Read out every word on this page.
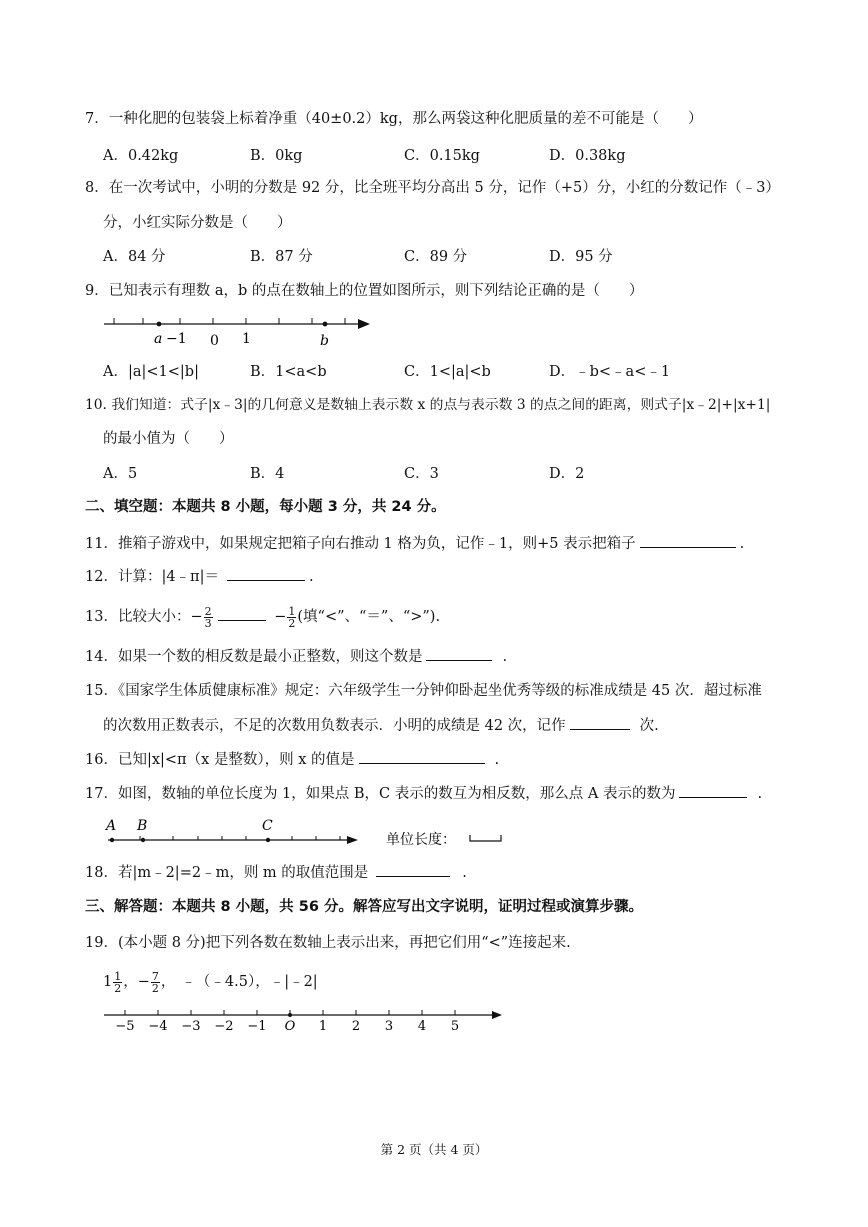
7．一种化肥的包装袋上标着净重（40±0.2）kg，那么两袋这种化肥质量的差不可能是（　　）
A．0.42kg	B．0kg	C．0.15kg	D．0.38kg
8．在一次考试中，小明的分数是 92 分，比全班平均分高出 5 分，记作（+5）分，小红的分数记作（﹣3）
分，小红实际分数是（　　）
A．84 分	B．87 分	C．89 分	D．95 分
9．已知表示有理数 a，b 的点在数轴上的位置如图所示，则下列结论正确的是（　　）
a −1 0 1	b
A．|a|<1<|b|	B．1<a<b	C．1<|a|<b	D．﹣b<﹣a<﹣1
10. 我们知道：式子|x﹣3|的几何意义是数轴上表示数 x 的点与表示数 3 的点之间的距离，则式子|x﹣2|+|x+1|
的最小值为（　　）
A．5	B．4	C．3	D．2
二、填空题：本题共 8 小题，每小题 3 分，共 24 分。
11．推箱子游戏中，如果规定把箱子向右推动 1 格为负，记作﹣1，则+5 表示把箱子	.
12．计算：|4﹣π|＝	.
13．比较大小：− $\frac{2}{3}$	− $\frac{1}{2}$ (填“<”、“＝”、“>”).
14．如果一个数的相反数是最小正整数，则这个数是	.
15．《国家学生体质健康标准》规定：六年级学生一分钟仰卧起坐优秀等级的标准成绩是 45 次．超过标准
的次数用正数表示，不足的次数用负数表示．小明的成绩是 42 次，记作	次.
16．已知|x|<π（x 是整数），则 x 的值是	.
17．如图，数轴的单位长度为 1，如果点 B，C 表示的数互为相反数，那么点 A 表示的数为	.
A B	C
单位长度：
18．若|m﹣2|=2﹣m，则 m 的取值范围是	.
三、解答题：本题共 8 小题，共 56 分。解答应写出文字说明，证明过程或演算步骤。
19．(本小题 8 分)把下列各数在数轴上表示出来，再把它们用“<”连接起来.
$1 \frac{1}{2}$ ，− $\frac{7}{2}$ ， ﹣（﹣4.5），﹣|﹣2|
−5 −4 −3 −2 −1 O 1 2 3 4 5
第 2 页（共 4 页）
